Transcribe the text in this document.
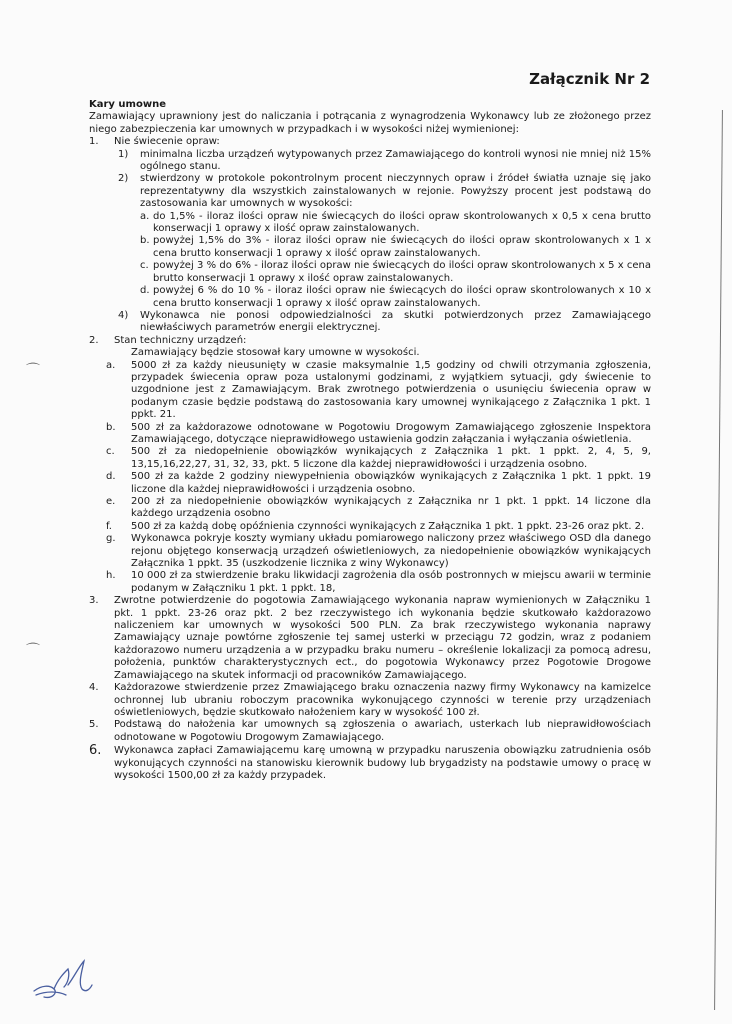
Załącznik Nr 2
Kary umowne
Zamawiający uprawniony jest do naliczania i potrącania z wynagrodzenia Wykonawcy lub ze złożonego przez niego zabezpieczenia kar umownych w przypadkach i w wysokości niżej wymienionej:
1. Nie świecenie opraw:
1) minimalna liczba urządzeń wytypowanych przez Zamawiającego do kontroli wynosi nie mniej niż 15% ogólnego stanu.
2) stwierdzony w protokole pokontrolnym procent nieczynnych opraw i źródeł światła uznaje się jako reprezentatywny dla wszystkich zainstalowanych w rejonie. Powyższy procent jest podstawą do zastosowania kar umownych w wysokości:
a. do 1,5% - iloraz ilości opraw nie świecących do ilości opraw skontrolowanych x 0,5 x cena brutto konserwacji 1 oprawy x ilość opraw zainstalowanych.
b. powyżej 1,5% do 3% - iloraz ilości opraw nie świecących do ilości opraw skontrolowanych x 1 x cena brutto konserwacji 1 oprawy x ilość opraw zainstalowanych.
c. powyżej 3 % do 6% - iloraz ilości opraw nie świecących do ilości opraw skontrolowanych x 5 x cena brutto konserwacji 1 oprawy x ilość opraw zainstalowanych.
d. powyżej 6 % do 10 % - iloraz ilości opraw nie świecących do ilości opraw skontrolowanych x 10 x cena brutto konserwacji 1 oprawy x ilość opraw zainstalowanych.
4) Wykonawca nie ponosi odpowiedzialności za skutki potwierdzonych przez Zamawiającego niewłaściwych parametrów energii elektrycznej.
2. Stan techniczny urządzeń:
Zamawiający będzie stosował kary umowne w wysokości.
a. 5000 zł za każdy nieusunięty w czasie maksymalnie 1,5 godziny od chwili otrzymania zgłoszenia, przypadek świecenia opraw poza ustalonymi godzinami, z wyjątkiem sytuacji, gdy świecenie to uzgodnione jest z Zamawiającym. Brak zwrotnego potwierdzenia o usunięciu świecenia opraw w podanym czasie będzie podstawą do zastosowania kary umownej wynikającego z Załącznika 1 pkt. 1 ppkt. 21.
b. 500 zł za każdorazowe odnotowane w Pogotowiu Drogowym Zamawiającego zgłoszenie Inspektora Zamawiającego, dotyczące nieprawidłowego ustawienia godzin załączania i wyłączania oświetlenia.
c. 500 zł za niedopełnienie obowiązków wynikających z Załącznika 1 pkt. 1 ppkt. 2, 4, 5, 9, 13,15,16,22,27, 31, 32, 33, pkt. 5 liczone dla każdej nieprawidłowości i urządzenia osobno.
d. 500 zł za każde 2 godziny niewypełnienia obowiązków wynikających z Załącznika 1 pkt. 1 ppkt. 19 liczone dla każdej nieprawidłowości i urządzenia osobno.
e. 200 zł za niedopełnienie obowiązków wynikających z Załącznika nr 1 pkt. 1 ppkt. 14 liczone dla każdego urządzenia osobno
f. 500 zł za każdą dobę opóźnienia czynności wynikających z Załącznika 1 pkt. 1 ppkt. 23-26 oraz pkt. 2.
g. Wykonawca pokryje koszty wymiany układu pomiarowego naliczony przez właściwego OSD dla danego rejonu objętego konserwacją urządzeń oświetleniowych, za niedopełnienie obowiązków wynikających Załącznika 1 ppkt. 35 (uszkodzenie licznika z winy Wykonawcy)
h. 10 000 zł za stwierdzenie braku likwidacji zagrożenia dla osób postronnych w miejscu awarii w terminie podanym w Załączniku 1 pkt. 1 ppkt. 18,
3. Zwrotne potwierdzenie do pogotowia Zamawiającego wykonania napraw wymienionych w Załączniku 1 pkt. 1 ppkt. 23-26 oraz pkt. 2 bez rzeczywistego ich wykonania będzie skutkowało każdorazowo naliczeniem kar umownych w wysokości 500 PLN. Za brak rzeczywistego wykonania naprawy Zamawiający uznaje powtórne zgłoszenie tej samej usterki w przeciągu 72 godzin, wraz z podaniem każdorazowo numeru urządzenia a w przypadku braku numeru – określenie lokalizacji za pomocą adresu, położenia, punktów charakterystycznych ect., do pogotowia Wykonawcy przez Pogotowie Drogowe Zamawiającego na skutek informacji od pracowników Zamawiającego.
4. Każdorazowe stwierdzenie przez Zmawiającego braku oznaczenia nazwy firmy Wykonawcy na kamizelce ochronnej lub ubraniu roboczym pracownika wykonującego czynności w terenie przy urządzeniach oświetleniowych, będzie skutkowało nałożeniem kary w wysokość 100 zł.
5. Podstawą do nałożenia kar umownych są zgłoszenia o awariach, usterkach lub nieprawidłowościach odnotowane w Pogotowiu Drogowym Zamawiającego.
6. Wykonawca zapłaci Zamawiającemu karę umowną w przypadku naruszenia obowiązku zatrudnienia osób wykonujących czynności na stanowisku kierownik budowy lub brygadzisty na podstawie umowy o pracę w wysokości 1500,00 zł za każdy przypadek.
⌒
⌒
